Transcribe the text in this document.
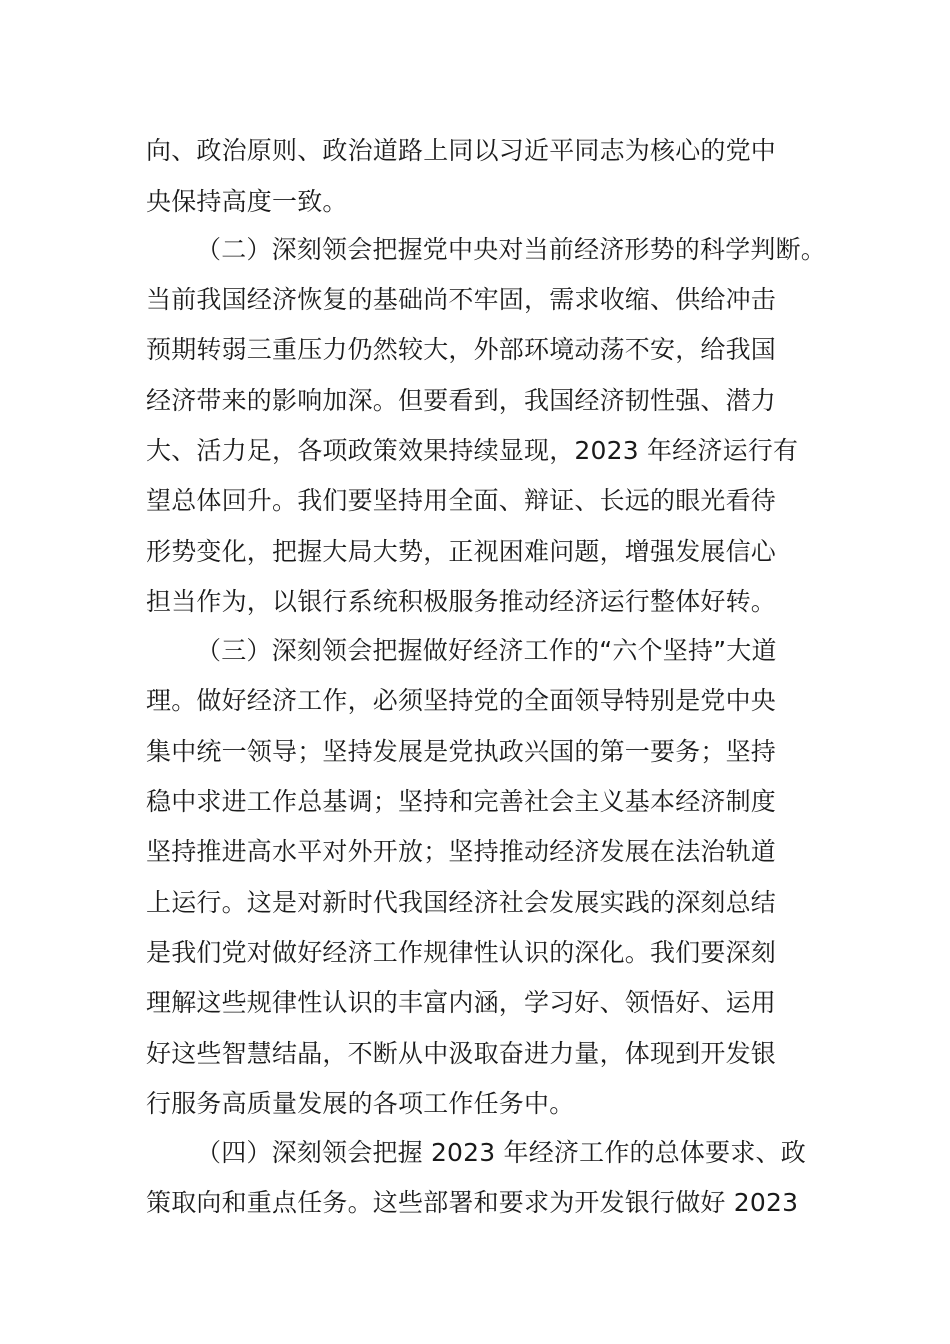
向、政治原则、政治道路上同以习近平同志为核心的党中
央保持高度一致。
（二）深刻领会把握党中央对当前经济形势的科学判断。
当前我国经济恢复的基础尚不牢固，需求收缩、供给冲击
预期转弱三重压力仍然较大，外部环境动荡不安，给我国
经济带来的影响加深。但要看到，我国经济韧性强、潜力
大、活力足，各项政策效果持续显现，2023 年经济运行有
望总体回升。我们要坚持用全面、辩证、长远的眼光看待
形势变化，把握大局大势，正视困难问题，增强发展信心
担当作为，以银行系统积极服务推动经济运行整体好转。
（三）深刻领会把握做好经济工作的“六个坚持”大道
理。做好经济工作，必须坚持党的全面领导特别是党中央
集中统一领导；坚持发展是党执政兴国的第一要务；坚持
稳中求进工作总基调；坚持和完善社会主义基本经济制度
坚持推进高水平对外开放；坚持推动经济发展在法治轨道
上运行。这是对新时代我国经济社会发展实践的深刻总结
是我们党对做好经济工作规律性认识的深化。我们要深刻
理解这些规律性认识的丰富内涵，学习好、领悟好、运用
好这些智慧结晶，不断从中汲取奋进力量，体现到开发银
行服务高质量发展的各项工作任务中。
（四）深刻领会把握 2023 年经济工作的总体要求、政
策取向和重点任务。这些部署和要求为开发银行做好 2023
